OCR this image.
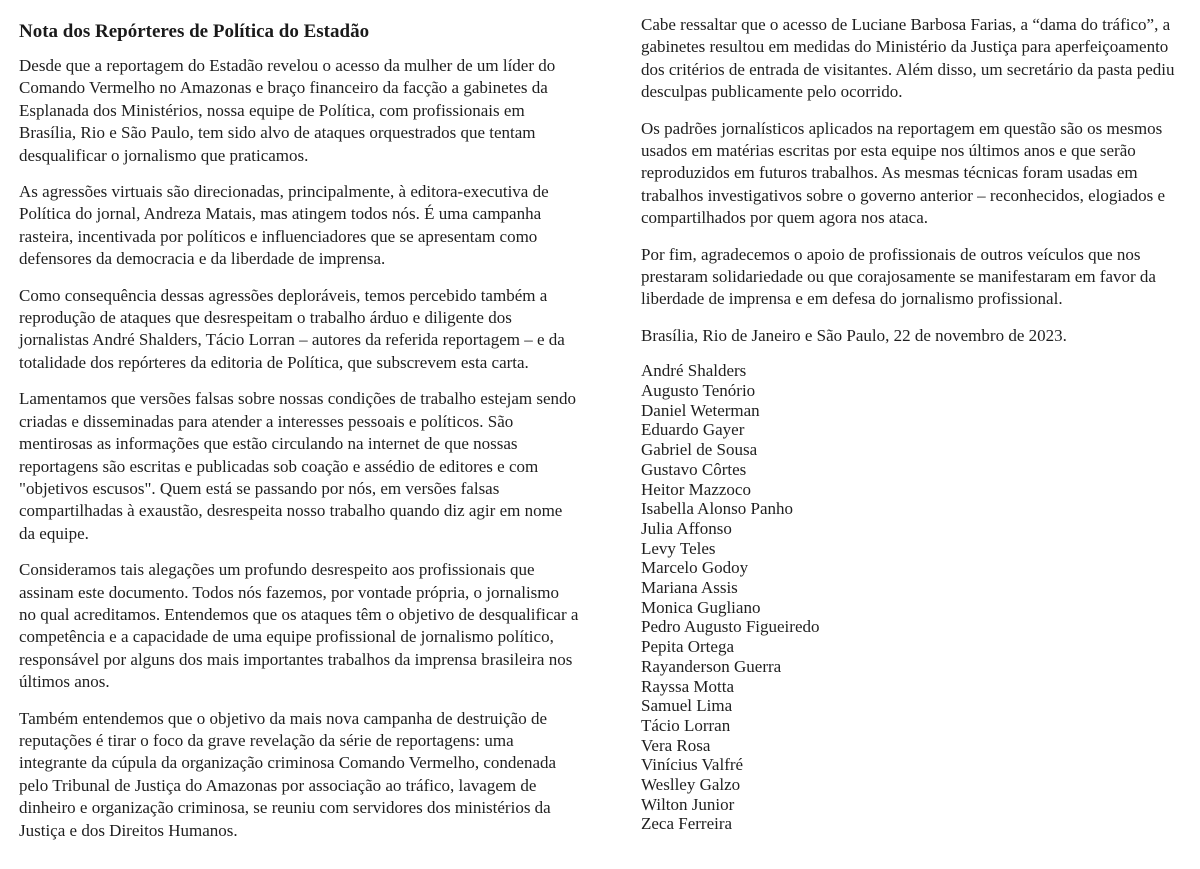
Nota dos Repórteres de Política do Estadão

Desde que a reportagem do Estadão revelou o acesso da mulher de um líder do Comando Vermelho no Amazonas e braço financeiro da facção a gabinetes da Esplanada dos Ministérios, nossa equipe de Política, com profissionais em Brasília, Rio e São Paulo, tem sido alvo de ataques orquestrados que tentam desqualificar o jornalismo que praticamos.

As agressões virtuais são direcionadas, principalmente, à editora-executiva de Política do jornal, Andreza Matais, mas atingem todos nós. É uma campanha rasteira, incentivada por políticos e influenciadores que se apresentam como defensores da democracia e da liberdade de imprensa.

Como consequência dessas agressões deploráveis, temos percebido também a reprodução de ataques que desrespeitam o trabalho árduo e diligente dos jornalistas André Shalders, Tácio Lorran – autores da referida reportagem – e da totalidade dos repórteres da editoria de Política, que subscrevem esta carta.

Lamentamos que versões falsas sobre nossas condições de trabalho estejam sendo criadas e disseminadas para atender a interesses pessoais e políticos. São mentirosas as informações que estão circulando na internet de que nossas reportagens são escritas e publicadas sob coação e assédio de editores e com "objetivos escusos". Quem está se passando por nós, em versões falsas compartilhadas à exaustão, desrespeita nosso trabalho quando diz agir em nome da equipe.

Consideramos tais alegações um profundo desrespeito aos profissionais que assinam este documento. Todos nós fazemos, por vontade própria, o jornalismo no qual acreditamos. Entendemos que os ataques têm o objetivo de desqualificar a competência e a capacidade de uma equipe profissional de jornalismo político, responsável por alguns dos mais importantes trabalhos da imprensa brasileira nos últimos anos.

Também entendemos que o objetivo da mais nova campanha de destruição de reputações é tirar o foco da grave revelação da série de reportagens: uma integrante da cúpula da organização criminosa Comando Vermelho, condenada pelo Tribunal de Justiça do Amazonas por associação ao tráfico, lavagem de dinheiro e organização criminosa, se reuniu com servidores dos ministérios da Justiça e dos Direitos Humanos.

Cabe ressaltar que o acesso de Luciane Barbosa Farias, a “dama do tráfico”, a gabinetes resultou em medidas do Ministério da Justiça para aperfeiçoamento dos critérios de entrada de visitantes. Além disso, um secretário da pasta pediu desculpas publicamente pelo ocorrido.

Os padrões jornalísticos aplicados na reportagem em questão são os mesmos usados em matérias escritas por esta equipe nos últimos anos e que serão reproduzidos em futuros trabalhos. As mesmas técnicas foram usadas em trabalhos investigativos sobre o governo anterior – reconhecidos, elogiados e compartilhados por quem agora nos ataca.

Por fim, agradecemos o apoio de profissionais de outros veículos que nos prestaram solidariedade ou que corajosamente se manifestaram em favor da liberdade de imprensa e em defesa do jornalismo profissional.

Brasília, Rio de Janeiro e São Paulo, 22 de novembro de 2023.

André Shalders
Augusto Tenório
Daniel Weterman
Eduardo Gayer
Gabriel de Sousa
Gustavo Côrtes
Heitor Mazzoco
Isabella Alonso Panho
Julia Affonso
Levy Teles
Marcelo Godoy
Mariana Assis
Monica Gugliano
Pedro Augusto Figueiredo
Pepita Ortega
Rayanderson Guerra
Rayssa Motta
Samuel Lima
Tácio Lorran
Vera Rosa
Vinícius Valfré
Weslley Galzo
Wilton Junior
Zeca Ferreira
